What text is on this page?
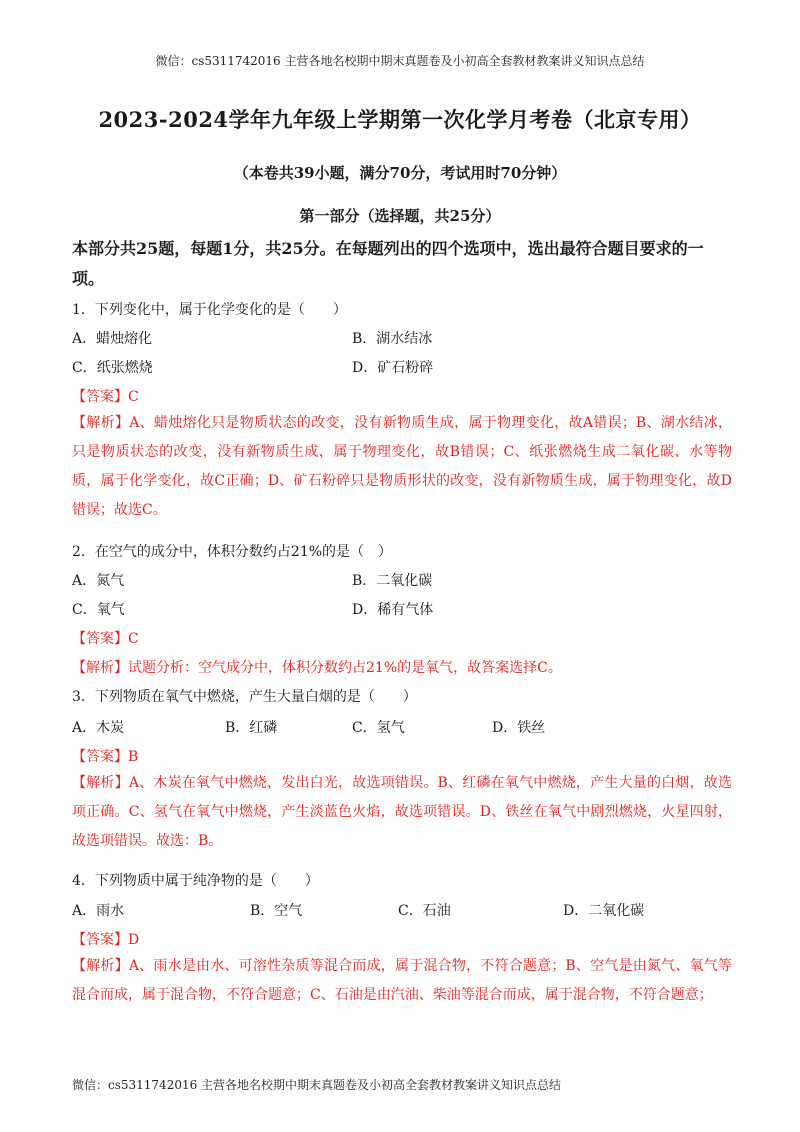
微信：cs5311742016 主营各地名校期中期末真题卷及小初高全套教材教案讲义知识点总结
2023-2024学年九年级上学期第一次化学月考卷（北京专用）
（本卷共39小题，满分70分，考试用时70分钟）
第一部分（选择题，共25分）
本部分共25题，每题1分，共25分。在每题列出的四个选项中，选出最符合题目要求的一项。
1．下列变化中，属于化学变化的是（　　）
A．蜡烛熔化	B．湖水结冰
C．纸张燃烧	D．矿石粉碎
【答案】C
【解析】A、蜡烛熔化只是物质状态的改变，没有新物质生成，属于物理变化，故A错误；B、湖水结冰，只是物质状态的改变，没有新物质生成，属于物理变化，故B错误；C、纸张燃烧生成二氧化碳、水等物质，属于化学变化，故C正确；D、矿石粉碎只是物质形状的改变，没有新物质生成，属于物理变化，故D错误；故选C。
2．在空气的成分中，体积分数约占21%的是（　）
A．氮气	B．二氧化碳
C．氧气	D．稀有气体
【答案】C
【解析】试题分析：空气成分中，体积分数约占21%的是氧气，故答案选择C。
3．下列物质在氧气中燃烧，产生大量白烟的是（　　）
A．木炭	B．红磷	C．氢气	D．铁丝
【答案】B
【解析】A、木炭在氧气中燃烧，发出白光，故选项错误。B、红磷在氧气中燃烧，产生大量的白烟，故选项正确。C、氢气在氧气中燃烧，产生淡蓝色火焰，故选项错误。D、铁丝在氧气中剧烈燃烧，火星四射，故选项错误。故选：B。
4．下列物质中属于纯净物的是（　　）
A．雨水	B．空气	C．石油	D．二氧化碳
【答案】D
【解析】A、雨水是由水、可溶性杂质等混合而成，属于混合物，不符合题意；B、空气是由氮气、氧气等混合而成，属于混合物，不符合题意；C、石油是由汽油、柴油等混合而成，属于混合物，不符合题意；
微信：cs5311742016 主营各地名校期中期末真题卷及小初高全套教材教案讲义知识点总结
